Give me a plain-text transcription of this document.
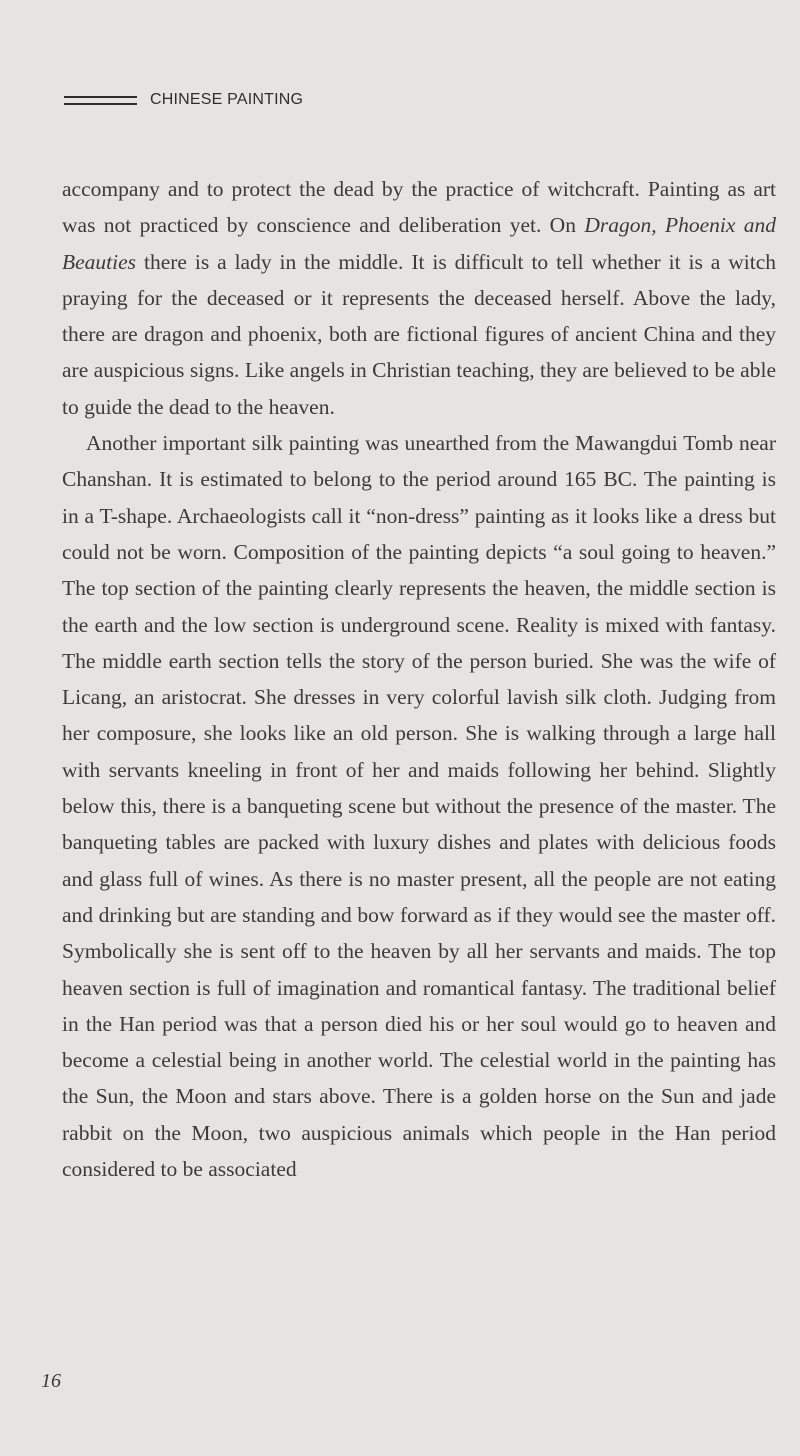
CHINESE PAINTING

accompany and to protect the dead by the practice of witchcraft. Painting as art was not practiced by conscience and deliberation yet. On Dragon, Phoenix and Beauties there is a lady in the middle. It is difficult to tell whether it is a witch praying for the deceased or it represents the deceased herself. Above the lady, there are dragon and phoenix, both are fictional figures of ancient China and they are auspicious signs. Like angels in Christian teaching, they are believed to be able to guide the dead to the heaven.

Another important silk painting was unearthed from the Mawangdui Tomb near Chanshan. It is estimated to belong to the period around 165 BC. The painting is in a T-shape. Archaeologists call it “non-dress” painting as it looks like a dress but could not be worn. Composition of the painting depicts “a soul going to heaven.” The top section of the painting clearly represents the heaven, the middle section is the earth and the low section is underground scene. Reality is mixed with fantasy. The middle earth section tells the story of the person buried. She was the wife of Licang, an aristocrat. She dresses in very colorful lavish silk cloth. Judging from her composure, she looks like an old person. She is walking through a large hall with servants kneeling in front of her and maids following her behind. Slightly below this, there is a banqueting scene but without the presence of the master. The banqueting tables are packed with luxury dishes and plates with delicious foods and glass full of wines. As there is no master present, all the people are not eating and drinking but are standing and bow forward as if they would see the master off. Symbolically she is sent off to the heaven by all her servants and maids. The top heaven section is full of imagination and romantical fantasy. The traditional belief in the Han period was that a person died his or her soul would go to heaven and become a celestial being in another world. The celestial world in the painting has the Sun, the Moon and stars above. There is a golden horse on the Sun and jade rabbit on the Moon, two auspicious animals which people in the Han period considered to be associated

16
